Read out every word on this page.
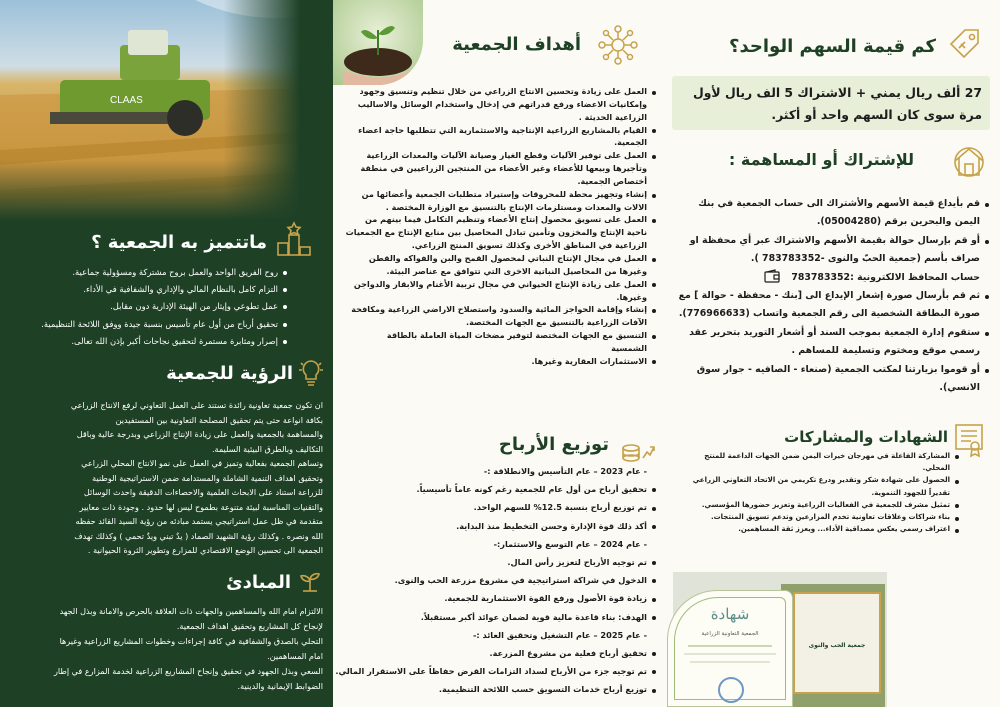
CLAAS
ماتتميز به الجمعية ؟
روح الفريق الواحد والعمل بروح مشتركة ومسؤولية جماعية.
التزام كامل بالنظام المالي والإداري والشفافية في الأداء.
عمل تطوعي وإيثار من الهيئة الإدارية دون مقابل.
تحقيق أرباح من أول عام تأسيس بنسبة جيدة ووفق اللائحة التنظيمية.
إصرار ومثابرة مستمرة لتحقيق نجاحات أكبر بإذن الله تعالى.
الرؤية للجمعية
ان تكون جمعية تعاونية رائدة تستند على العمل التعاوني لرفع الانتاج الزراعي
بكافة انواعة حتى يتم تحقيق المصلحة التعاونية بين المستفيدين
والمساهمة بالجمعية والعمل على زيادة الإنتاج الزراعي وبدرجة عالية وباقل
التكاليف وبالطرق البيئية السليمة.
وتساهم الجمعية بفعالية وتميز في العمل على نمو الانتاج المحلي الزراعي
وتحقيق اهداف التنمية الشاملة والمستدامة ضمن الاستراتيجية الوطنية
للزراعة استناد على الابحاث العلمية والاحصاءات الدقيقة واحدث الوسائل
والتقنيات المناسبة لبيئة متنوعة بطموح ليس لها حدود . وجودة ذات معايير
متقدمة في ظل عمل استراتيجي يستمد مبادئه من رؤية السيد القائد حفظه
الله ونصره . وكذلك رؤية الشهيد الصماد ( يدٌ تبني ويدٌ تحمي ) وكذلك تهدف
الجمعية الى تحسين الوضع الاقتصادي للمزارع وتطوير الثروة الحيوانية .
المبادئ
الالتزام امام الله والمساهمين والجهات ذات العلاقة بالحرص والامانة وبذل الجهد
لإنجاح كل المشاريع وتحقيق اهداف الجمعية.
التحلي بالصدق والشفافية في كافة إجراءات وخطوات المشاريع الزراعية وغيرها
امام المساهمين.
السعي وبذل الجهود في تحقيق وإنجاح المشاريع الزراعية لخدمة المزارع في إطار
الضوابط الإيمانية والدينية.
أهداف الجمعية
العمل على زيادة وتحسين الانتاج الزراعي من خلال تنظيم وتنسيق وجهود
وإمكانيات الاعضاء ورفع قدراتهم في إدخال واستخدام الوسائل والاساليب
الزراعية الحديثة .
القيام بالمشاريع الزراعية الإنتاجية والاستثمارية التي تتطلبها حاجة اعضاء
الجمعية.
العمل على توفير الآليات وقطع الغيار وصيانة الآليات والمعدات الزراعية
وتأجيرها وبيعها للأعضاء وغير الأعضاء من المنتجين الزراعيين في منطقة
أختصاص الجمعية.
إنشاء وتجهيز محطة للمحروقات وإستيراد متطلبات الجمعية وأعضائها من
الالات والمعدات ومستلزمات الإنتاج بالتنسيق مع الوزارة المختصة .
العمل على تسويق محصول إنتاج الأعضاء وتنظيم التكامل فيما بينهم من
ناحية الإنتاج والمخزون وتأمين تبادل المحاصيل بين منابع الإنتاج مع الجمعيات
الزراعية في المناطق الأخرى وكذلك تسويق المنتج الزراعي.
العمل في مجال الإنتاج النباتي لمحصول القمح والبن والفواكه والقطن
وغيرها من المحاصيل النباتية الاخرى التي تتوافق مع عناصر البيئة.
العمل على زيادة الإنتاج الحيواني في مجال تربية الأغنام والابقار والدواجن
وغيرها.
إنشاء وإقامة الحواجز المائية والسدود واستصلاح الاراضي الزراعية ومكافحة
الآفات الزراعية بالتنسيق مع الجهات المختصة.
التنسيق مع الجهات المختصة لتوفير مضخات المياة العاملة بالطاقة
الشمسية
الاستثمارات العقارية وغيرها.
توزيع الأرباح
- عام 2023 – عام التأسيس والانطلاقة :-
تحقيق أرباح من أول عام للجمعية رغم كونه عاماً تأسيسياً.
تم توزيع أرباح بنسبة 12.5% للسهم الواحد.
أكد ذلك قوة الإدارة وحسن التخطيط منذ البداية.
- عام 2024 – عام التوسع والاستثمار:-
تم توجيه الأرباح لتعزيز رأس المال.
الدخول في شراكة استراتيجية في مشروع مزرعة الحب والنوى.
زيادة قوة الأصول ورفع القوة الاستثمارية للجمعية.
الهدف: بناء قاعدة مالية قوية لضمان عوائد أكبر مستقبلاً.
- عام 2025 – عام التشغيل وتحقيق العائد :-
تحقيق أرباح فعلية من مشروع المزرعة.
تم توجيه جزء من الأرباح لسداد التزامات القرض حفاظاً على الاستقرار المالي.
توزيع أرباح خدمات التسويق حسب اللائحة التنظيمية.
كم قيمة السهم الواحد؟
27 ألف ريال يمني + الاشتراك 5 الف ريال لأول مرة سوى كان السهم واحد أو أكثر.
للإشتراك أو المساهمة :
قم بأيداع قيمة الأسهم والأشتراك الى حساب الجمعية في بنك
اليمن والبحرين برقم (05004280).
أو قم بإرسال حوالة بقيمة الأسهم والاشتراك عبر أي محفظة او
صراف بأسم (جمعية الحبّ والنوى -783783352 ).
حساب المحافظ الالكترونية :783783352
ثم قم بأرسال صورة إشعار الإيداع الى [بنك - محفظة - حوالة ] مع
صورة البطاقة الشخصية الى رقم الجمعية واتساب (776966633).
ستقوم إدارة الجمعية بموجب السند أو أشعار التوريد بتحرير عقد
رسمي موقع ومختوم وتسليمة للمساهم .
أو قوموا بزيارتنا لمكتب الجمعية (صنعاء - الصافيه - جوار سوق
الانسي).
الشهادات والمشاركات
المشاركة الفاعلة في مهرجان خيرات اليمن ضمن الجهات الداعمة للمنتج
المحلي.
الحصول على شهادة شكر وتقدير ودرع تكريمي من الاتحاد التعاوني الزراعي
تقديراً للجهود التنموية.
تمثيل مشرف للجمعية في الفعاليات الزراعية وتعزيز حضورها المؤسسي.
بناء شراكات وعلاقات تعاونية تخدم المزارعين وتدعم تسويق المنتجات.
اعتراف رسمي يعكس مصداقية الأداء... ويعزز ثقة المساهمين.
جمعية الحب والنوى
شهادة
الجمعية التعاونية الزراعية
